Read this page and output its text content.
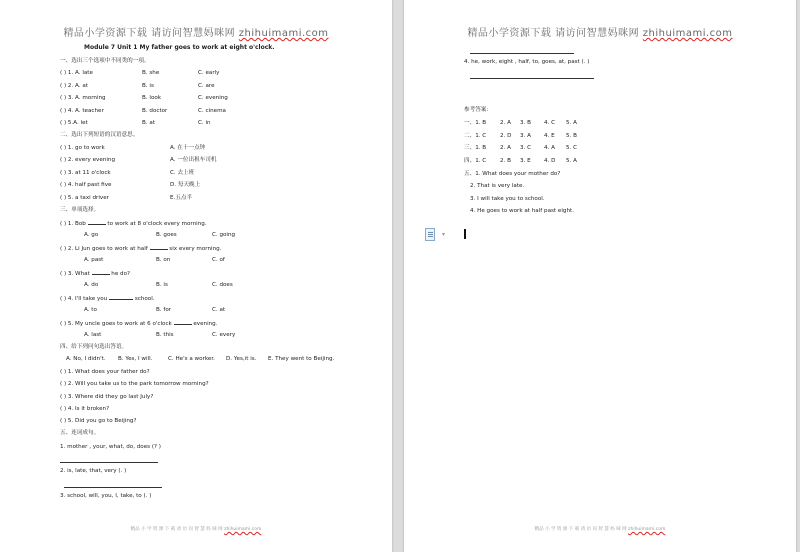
精品小学资源下载 请访问智慧妈咪网 zhihuimami.com
Module 7 Unit 1 My father goes to work at eight o'clock.
一、选出三个选项中不同类的一项。
( ) 1. A. late	B. she	C. early
( ) 2. A. at	B. is	C. are
( ) 3. A. morning	B. look	C. evening
( ) 4. A. teacher	B. doctor	C. cinema
( ) 5.A. let	B. at	C. in
二、选出下列短语的汉语意思。
( ) 1. go to work	A. 在十一点钟
( ) 2. every evening	A. 一位出租车司机
( ) 3. at 11 o'clock	C. 去上班
( ) 4. half past five	D. 每天晚上
( ) 5. a taxi driver	E.五点半
三、单项选择。
( ) 1. Bob	to work at 8 o'clock every morning.
A. go	B. goes	C. going
( ) 2. Li Jun goes to work at half	six every morning.
A. past	B. on	C. of
( ) 3. What	he do?
A. do	B. is	C. does
( ) 4. I'll take you	school.
A. to	B. for	C. at
( ) 5. My uncle goes to work at 6 o'clock	evening.
A. last	B. this	C. every
四、给下列问句选出答语。
A. No, I didn't. B. Yes, I will.	C. He's a worker. D. Yes,it is. E. They went to Beijing.
( ) 1. What does your father do?
( ) 2. Will you take us to the park tomorrow morning?
( ) 3. Where did they go last July?
( ) 4. Is it broken?
( ) 5. Did you go to Beijing?
五、连词成句。
1. mother , your, what, do, does (? )
2. is, late, that, very (. )
3. school, will, you, I, take, to (. )
精品 小 学 资 源 下 载 请 访 问 智 慧 妈 咪 网 zhihuimami.com
精品小学资源下载 请访问智慧妈咪网 zhihuimami.com
4. he, work, eight , half, to, goes, at, past (. )
参考答案：
一、1. B 2. A 3. B 4. C 5. A
二、1. C 2. D 3. A 4. E 5. B
三、1. B 2. A 3. C 4. A 5. C
四、1. C 2. B 3. E 4. D 5. A
五、1. What does your mother do?
2. That is very late.
3. I will take you to school.
4. He goes to work at half past eight.
▾
精品 小 学 资 源 下 载 请 访 问 智 慧 妈 咪 网 zhihuimami.com
